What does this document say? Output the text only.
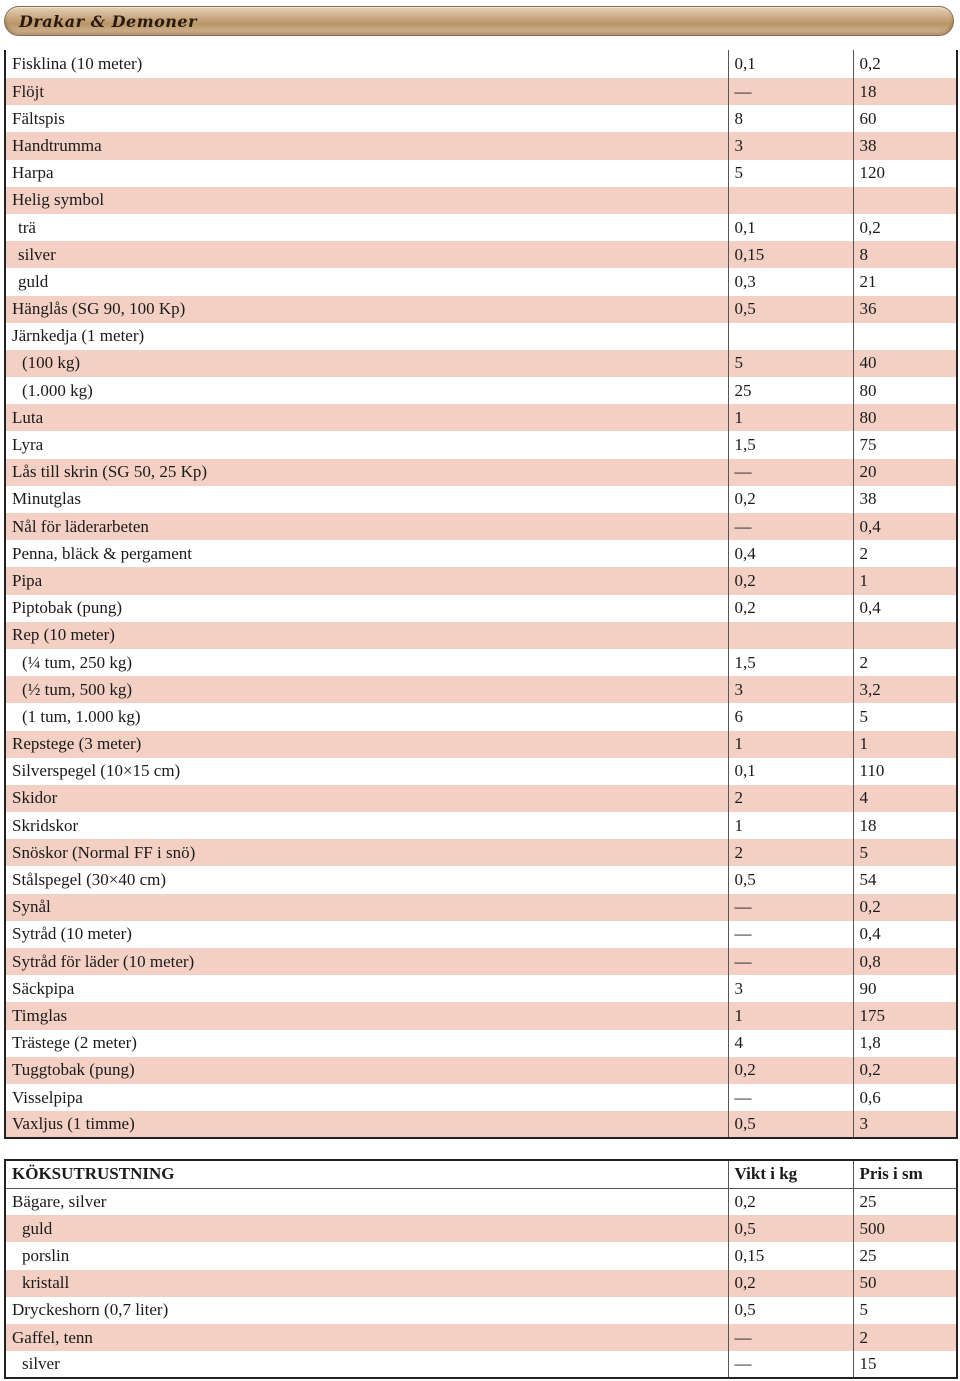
Drakar & Demoner
Fisklina (10 meter)	0,1	0,2
Flöjt	—	18
Fältspis	8	60
Handtrumma	3	38
Harpa	5	120
Helig symbol		
trä	0,1	0,2
silver	0,15	8
guld	0,3	21
Hänglås (SG 90, 100 Kp)	0,5	36
Järnkedja (1 meter)		
(100 kg)	5	40
(1.000 kg)	25	80
Luta	1	80
Lyra	1,5	75
Lås till skrin (SG 50, 25 Kp)	—	20
Minutglas	0,2	38
Nål för läderarbeten	—	0,4
Penna, bläck & pergament	0,4	2
Pipa	0,2	1
Piptobak (pung)	0,2	0,4
Rep (10 meter)		
(¼ tum, 250 kg)	1,5	2
(½ tum, 500 kg)	3	3,2
(1 tum, 1.000 kg)	6	5
Repstege (3 meter)	1	1
Silverspegel (10×15 cm)	0,1	110
Skidor	2	4
Skridskor	1	18
Snöskor (Normal FF i snö)	2	5
Stålspegel (30×40 cm)	0,5	54
Synål	—	0,2
Sytråd (10 meter)	—	0,4
Sytråd för läder (10 meter)	—	0,8
Säckpipa	3	90
Timglas	1	175
Trästege (2 meter)	4	1,8
Tuggtobak (pung)	0,2	0,2
Visselpipa	—	0,6
Vaxljus (1 timme)	0,5	3
KÖKSUTRUSTNING	Vikt i kg	Pris i sm
Bägare, silver	0,2	25
guld	0,5	500
porslin	0,15	25
kristall	0,2	50
Dryckeshorn (0,7 liter)	0,5	5
Gaffel, tenn	—	2
silver	—	15
